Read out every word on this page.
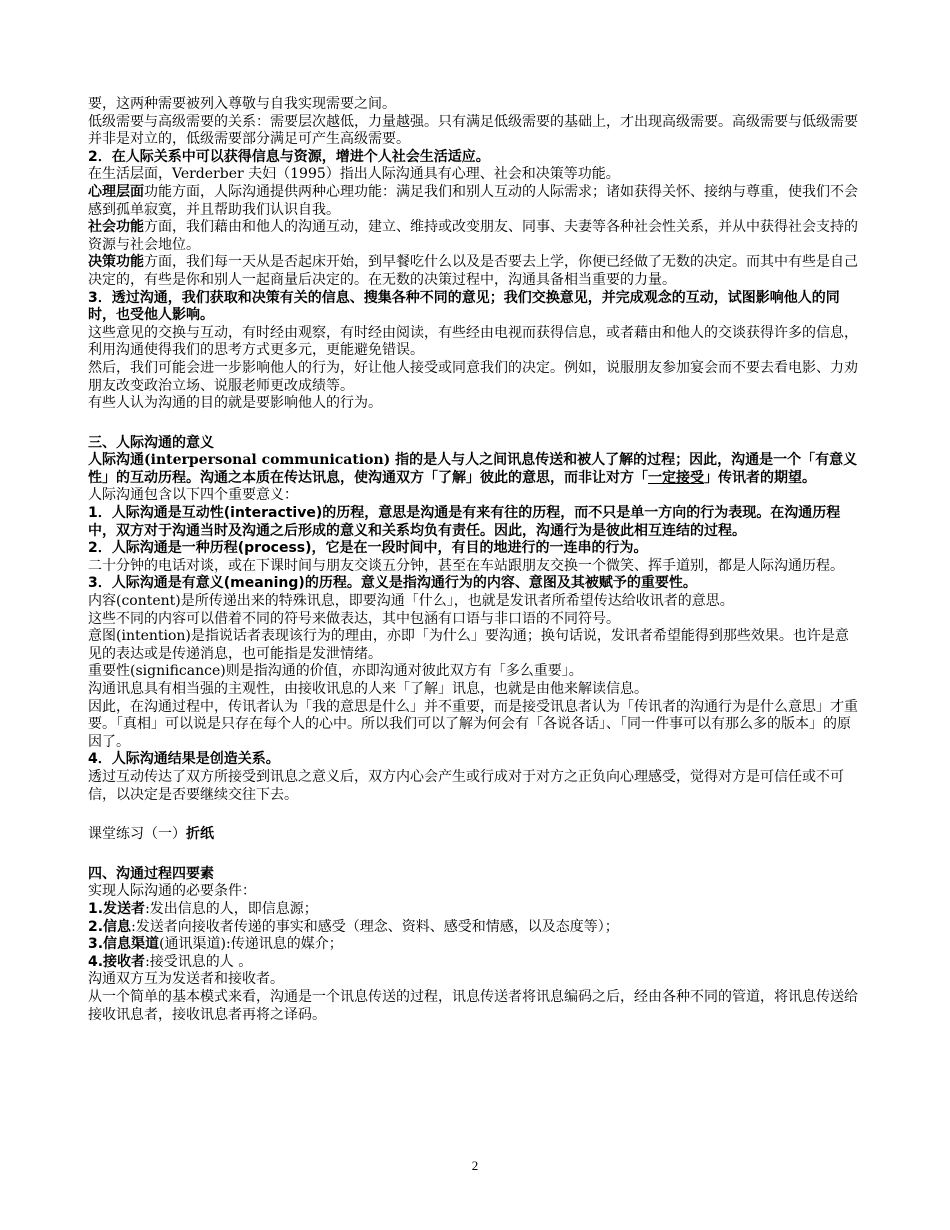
要，这两种需要被列入尊敬与自我实现需要之间。

低级需要与高级需要的关系：需要层次越低，力量越强。只有满足低级需要的基础上，才出现高级需要。高级需要与低级需要并非是对立的，低级需要部分满足可产生高级需要。

2．在人际关系中可以获得信息与资源，增进个人社会生活适应。

在生活层面，Verderber 夫妇（1995）指出人际沟通具有心理、社会和决策等功能。

心理层面功能方面，人际沟通提供两种心理功能：满足我们和别人互动的人际需求；诸如获得关怀、接纳与尊重，使我们不会感到孤单寂寞，并且帮助我们认识自我。

社会功能方面，我们藉由和他人的沟通互动，建立、维持或改变朋友、同事、夫妻等各种社会性关系，并从中获得社会支持的资源与社会地位。

决策功能方面，我们每一天从是否起床开始，到早餐吃什么以及是否要去上学，你便已经做了无数的决定。而其中有些是自己决定的，有些是你和别人一起商量后决定的。在无数的决策过程中，沟通具备相当重要的力量。

3．透过沟通，我们获取和决策有关的信息、搜集各种不同的意见；我们交换意见，并完成观念的互动，试图影响他人的同时，也受他人影响。

这些意见的交换与互动，有时经由观察，有时经由阅读，有些经由电视而获得信息，或者藉由和他人的交谈获得许多的信息，利用沟通使得我们的思考方式更多元，更能避免错误。

然后，我们可能会进一步影响他人的行为，好让他人接受或同意我们的决定。例如，说服朋友参加宴会而不要去看电影、力劝朋友改变政治立场、说服老师更改成绩等。

有些人认为沟通的目的就是要影响他人的行为。

三、人际沟通的意义

人际沟通(interpersonal communication) 指的是人与人之间讯息传送和被人了解的过程；因此，沟通是一个「有意义性」的互动历程。沟通之本质在传达讯息，使沟通双方「了解」彼此的意思，而非让对方「一定接受」传讯者的期望。

人际沟通包含以下四个重要意义：

1．人际沟通是互动性(interactive)的历程，意思是沟通是有来有往的历程，而不只是单一方向的行为表现。在沟通历程中，双方对于沟通当时及沟通之后形成的意义和关系均负有责任。因此，沟通行为是彼此相互连结的过程。

2．人际沟通是一种历程(process)，它是在一段时间中，有目的地进行的一连串的行为。

二十分钟的电话对谈，或在下课时间与朋友交谈五分钟，甚至在车站跟朋友交换一个微笑、挥手道别，都是人际沟通历程。

3．人际沟通是有意义(meaning)的历程。意义是指沟通行为的内容、意图及其被赋予的重要性。

内容(content)是所传递出来的特殊讯息，即要沟通「什么」，也就是发讯者所希望传达给收讯者的意思。

这些不同的内容可以借着不同的符号来做表达，其中包涵有口语与非口语的不同符号。

意图(intention)是指说话者表现该行为的理由，亦即「为什么」要沟通；换句话说，发讯者希望能得到那些效果。也许是意见的表达或是传递消息，也可能指是发泄情绪。

重要性(significance)则是指沟通的价值，亦即沟通对彼此双方有「多么重要」。

沟通讯息具有相当强的主观性，由接收讯息的人来「了解」讯息，也就是由他来解读信息。

因此，在沟通过程中，传讯者认为「我的意思是什么」并不重要，而是接受讯息者认为「传讯者的沟通行为是什么意思」才重要。「真相」可以说是只存在每个人的心中。所以我们可以了解为何会有「各说各话」、「同一件事可以有那么多的版本」的原因了。

4．人际沟通结果是创造关系。

透过互动传达了双方所接受到讯息之意义后，双方内心会产生或行成对于对方之正负向心理感受，觉得对方是可信任或不可信，以决定是否要继续交往下去。

课堂练习（一）折纸

四、沟通过程四要素

实现人际沟通的必要条件：

1.发送者:发出信息的人，即信息源；

2.信息:发送者向接收者传递的事实和感受（理念、资料、感受和情感，以及态度等）；

3.信息渠道(通讯渠道):传递讯息的媒介；

4.接收者:接受讯息的人 。

沟通双方互为发送者和接收者。

从一个简单的基本模式来看，沟通是一个讯息传送的过程，讯息传送者将讯息编码之后，经由各种不同的管道，将讯息传送给接收讯息者，接收讯息者再将之译码。

2
